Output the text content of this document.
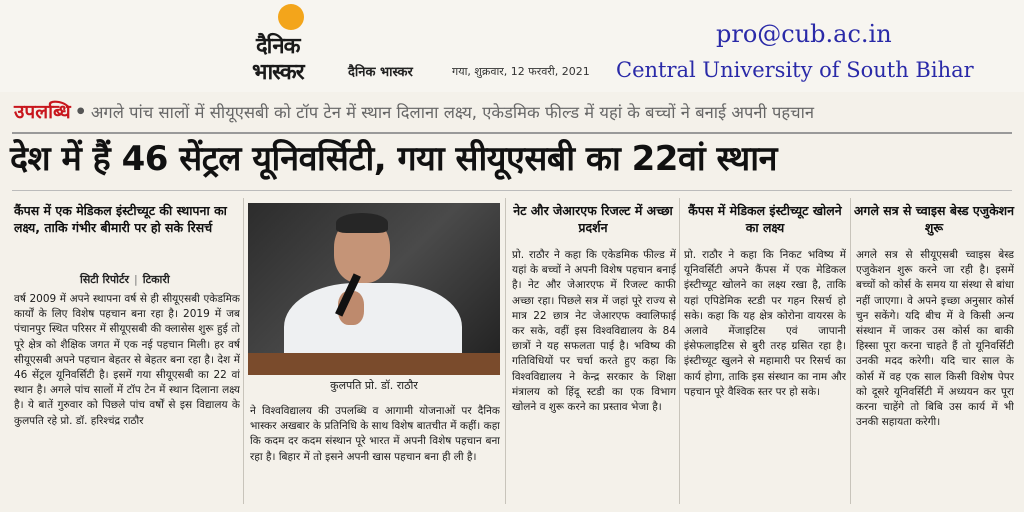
दैनिक
भास्कर	दैनिक भास्कर	गया, शुक्रवार, 12 फरवरी, 2021
pro@cub.ac.in
Central University of South Bihar
उपलब्धि • अगले पांच सालों में सीयूएसबी को टॉप टेन में स्थान दिलाना लक्ष्य, एकेडमिक फील्ड में यहां के बच्चों ने बनाई अपनी पहचान
देश में हैं 46 सेंट्रल यूनिवर्सिटी, गया सीयूएसबी का 22वां स्थान
कैंपस में एक मेडिकल इंस्टीच्यूट की स्थापना का लक्ष्य, ताकि गंभीर बीमारी पर हो सके रिसर्च
सिटी रिपोर्टर | टिकारी
वर्ष 2009 में अपने स्थापना वर्ष से ही सीयूएसबी एकेडमिक कार्यों के लिए विशेष पहचान बना रहा है। 2019 में जब पंचानपुर स्थित परिसर में सीयूएसबी की क्लासेस शुरू हुई तो पूरे क्षेत्र को शैक्षिक जगत में एक नई पहचान मिली। हर वर्ष सीयूएसबी अपने पहचान बेहतर से बेहतर बना रहा है। देश में 46 सेंट्रल यूनिवर्सिटी है। इसमें गया सीयूएसबी का 22 वां स्थान है। अगले पांच सालों में टॉप टेन में स्थान दिलाना लक्ष्य है। ये बातें गुरुवार को पिछले पांच वर्षों से इस विद्यालय के कुलपति रहे प्रो. डॉ. हरिश्चंद्र राठौर
कुलपति प्रो. डॉ. राठौर
ने विश्वविद्यालय की उपलब्धि व आगामी योजनाओं पर दैनिक भास्कर अखबार के प्रतिनिधि के साथ विशेष बातचीत में कहीं। कहा कि कदम दर कदम संस्थान पूरे भारत में अपनी विशेष पहचान बना रहा है। बिहार में तो इसने अपनी खास पहचान बना ही ली है।
नेट और जेआरएफ रिजल्ट में अच्छा प्रदर्शन
प्रो. राठौर ने कहा कि एकेडमिक फील्ड में यहां के बच्चों ने अपनी विशेष पहचान बनाई है। नेट और जेआरएफ में रिजल्ट काफी अच्छा रहा। पिछले सत्र में जहां पूरे राज्य से मात्र 22 छात्र नेट जेआरएफ क्वालिफाई कर सके, वहीं इस विश्वविद्यालय के 84 छात्रों ने यह सफलता पाई है। भविष्य की गतिविधियों पर चर्चा करते हुए कहा कि विश्वविद्यालय ने केन्द्र सरकार के शिक्षा मंत्रालय को हिंदू स्टडी का एक विभाग खोलने व शुरू करने का प्रस्ताव भेजा है।
कैंपस में मेडिकल इंस्टीच्यूट खोलने का लक्ष्य
प्रो. राठौर ने कहा कि निकट भविष्य में यूनिवर्सिटी अपने कैंपस में एक मेडिकल इंस्टीच्यूट खोलने का लक्ष्य रखा है, ताकि यहां एपिडेमिक स्टडी पर गहन रिसर्च हो सके। कहा कि यह क्षेत्र कोरोना वायरस के अलावे मेंजाइटिस एवं जापानी इंसेफलाइटिस से बुरी तरह ग्रसित रहा है। इंस्टीच्यूट खुलने से महामारी पर रिसर्च का कार्य होगा, ताकि इस संस्थान का नाम और पहचान पूरे वैश्विक स्तर पर हो सके।
अगले सत्र से च्वाइस बेस्ड एजुकेशन शुरू
अगले सत्र से सीयूएसबी च्वाइस बेस्ड एजुकेशन शुरू करने जा रही है। इसमें बच्चों को कोर्स के समय या संस्था से बांधा नहीं जाएगा। वे अपने इच्छा अनुसार कोर्स चुन सकेंगे। यदि बीच में वे किसी अन्य संस्थान में जाकर उस कोर्स का बाकी हिस्सा पूरा करना चाहते हैं तो यूनिवर्सिटी उनकी मदद करेगी। यदि चार साल के कोर्स में वह एक साल किसी विशेष पेपर को दूसरे यूनिवर्सिटी में अध्ययन कर पूरा करना चाहेंगे तो बिबि उस कार्य में भी उनकी सहायता करेगी।
